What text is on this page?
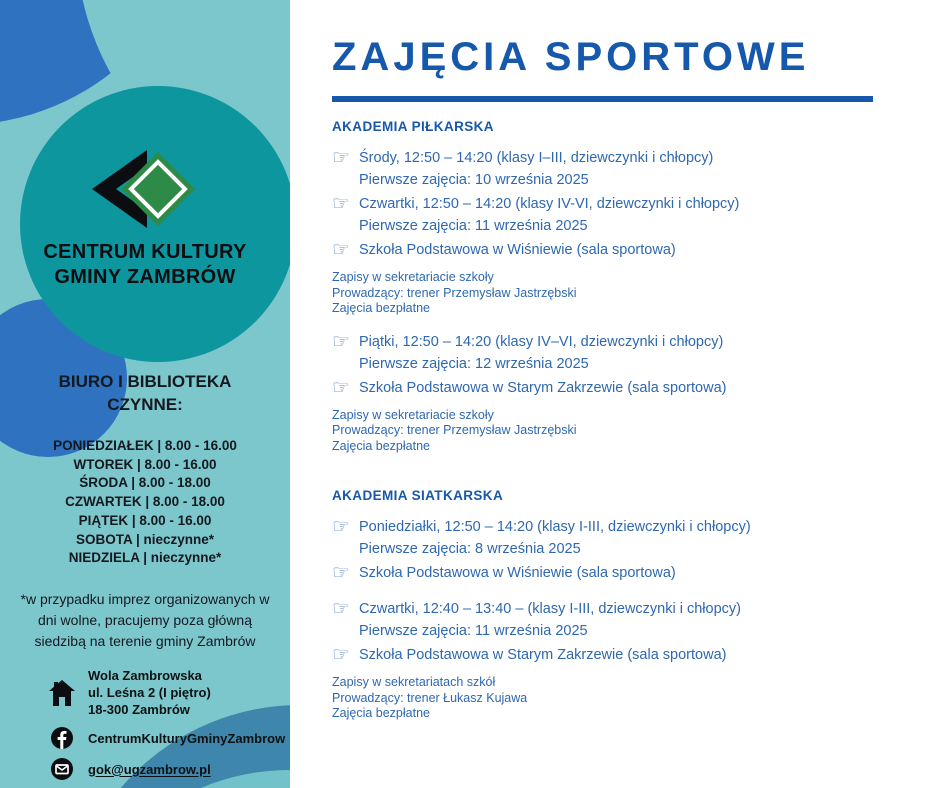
CENTRUM KULTURY
GMINY ZAMBRÓW
BIURO I BIBLIOTEKA
CZYNNE:
PONIEDZIAŁEK | 8.00 - 16.00
WTOREK | 8.00 - 16.00
ŚRODA | 8.00 - 18.00
CZWARTEK | 8.00 - 18.00
PIĄTEK | 8.00 - 16.00
SOBOTA | nieczynne*
NIEDZIELA | nieczynne*
*w przypadku imprez organizowanych w dni wolne, pracujemy poza główną siedzibą na terenie gminy Zambrów
Wola Zambrowska
ul. Leśna 2 (I piętro)
18-300 Zambrów
CentrumKulturyGminyZambrow
gok@ugzambrow.pl
ZAJĘCIA SPORTOWE
AKADEMIA PIŁKARSKA
☞ Środy, 12:50 – 14:20 (klasy I–III, dziewczynki i chłopcy)
Pierwsze zajęcia: 10 września 2025
☞ Czwartki, 12:50 – 14:20 (klasy IV-VI, dziewczynki i chłopcy)
Pierwsze zajęcia: 11 września 2025
☞ Szkoła Podstawowa w Wiśniewie (sala sportowa)
Zapisy w sekretariacie szkoły
Prowadzący: trener Przemysław Jastrzębski
Zajęcia bezpłatne
☞ Piątki, 12:50 – 14:20 (klasy IV–VI, dziewczynki i chłopcy)
Pierwsze zajęcia: 12 września 2025
☞ Szkoła Podstawowa w Starym Zakrzewie (sala sportowa)
Zapisy w sekretariacie szkoły
Prowadzący: trener Przemysław Jastrzębski
Zajęcia bezpłatne
AKADEMIA SIATKARSKA
☞ Poniedziałki, 12:50 – 14:20 (klasy I-III, dziewczynki i chłopcy)
Pierwsze zajęcia: 8 września 2025
☞ Szkoła Podstawowa w Wiśniewie (sala sportowa)
☞ Czwartki, 12:40 – 13:40 – (klasy I-III, dziewczynki i chłopcy)
Pierwsze zajęcia: 11 września 2025
☞ Szkoła Podstawowa w Starym Zakrzewie (sala sportowa)
Zapisy w sekretariatach szkół
Prowadzący: trener Łukasz Kujawa
Zajęcia bezpłatne
